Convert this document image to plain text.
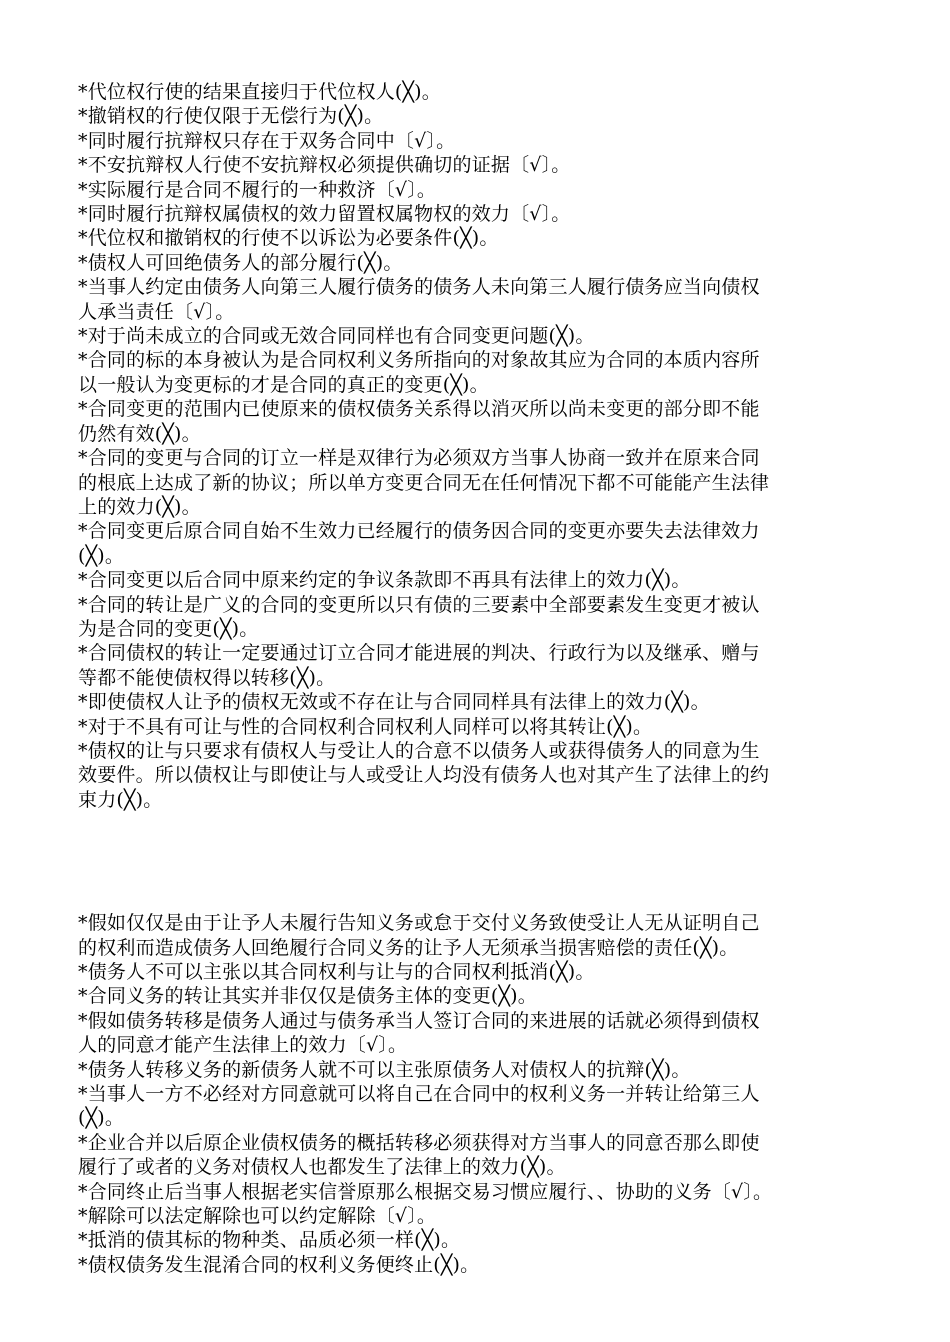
*代位权行使的结果直接归于代位权人(╳)。
*撤销权的行使仅限于无偿行为(╳)。
*同时履行抗辩权只存在于双务合同中〔√〕。
*不安抗辩权人行使不安抗辩权必须提供确切的证据〔√〕。
*实际履行是合同不履行的一种救济〔√〕。
*同时履行抗辩权属债权的效力留置权属物权的效力〔√〕。
*代位权和撤销权的行使不以诉讼为必要条件(╳)。
*债权人可回绝债务人的部分履行(╳)。
*当事人约定由债务人向第三人履行债务的债务人未向第三人履行债务应当向债权
人承当责任〔√〕。
*对于尚未成立的合同或无效合同同样也有合同变更问题(╳)。
*合同的标的本身被认为是合同权利义务所指向的对象故其应为合同的本质内容所
以一般认为变更标的才是合同的真正的变更(╳)。
*合同变更的范围内已使原来的债权债务关系得以消灭所以尚未变更的部分即不能
仍然有效(╳)。
*合同的变更与合同的订立一样是双律行为必须双方当事人协商一致并在原来合同
的根底上达成了新的协议；所以单方变更合同无在任何情况下都不可能能产生法律
上的效力(╳)。
*合同变更后原合同自始不生效力已经履行的债务因合同的变更亦要失去法律效力
(╳)。
*合同变更以后合同中原来约定的争议条款即不再具有法律上的效力(╳)。
*合同的转让是广义的合同的变更所以只有债的三要素中全部要素发生变更才被认
为是合同的变更(╳)。
*合同债权的转让一定要通过订立合同才能进展的判决、行政行为以及继承、赠与
等都不能使债权得以转移(╳)。
*即使债权人让予的债权无效或不存在让与合同同样具有法律上的效力(╳)。
*对于不具有可让与性的合同权利合同权利人同样可以将其转让(╳)。
*债权的让与只要求有债权人与受让人的合意不以债务人或获得债务人的同意为生
效要件。所以债权让与即使让与人或受让人均没有债务人也对其产生了法律上的约
束力(╳)。
*假如仅仅是由于让予人未履行告知义务或怠于交付义务致使受让人无从证明自己
的权利而造成债务人回绝履行合同义务的让予人无须承当损害赔偿的责任(╳)。
*债务人不可以主张以其合同权利与让与的合同权利抵消(╳)。
*合同义务的转让其实并非仅仅是债务主体的变更(╳)。
*假如债务转移是债务人通过与债务承当人签订合同的来进展的话就必须得到债权
人的同意才能产生法律上的效力〔√〕。
*债务人转移义务的新债务人就不可以主张原债务人对债权人的抗辩(╳)。
*当事人一方不必经对方同意就可以将自己在合同中的权利义务一并转让给第三人
(╳)。
*企业合并以后原企业债权债务的概括转移必须获得对方当事人的同意否那么即使
履行了或者的义务对债权人也都发生了法律上的效力(╳)。
*合同终止后当事人根据老实信誉原那么根据交易习惯应履行、、协助的义务〔√〕。
*解除可以法定解除也可以约定解除〔√〕。
*抵消的债其标的物种类、品质必须一样(╳)。
*债权债务发生混淆合同的权利义务便终止(╳)。
